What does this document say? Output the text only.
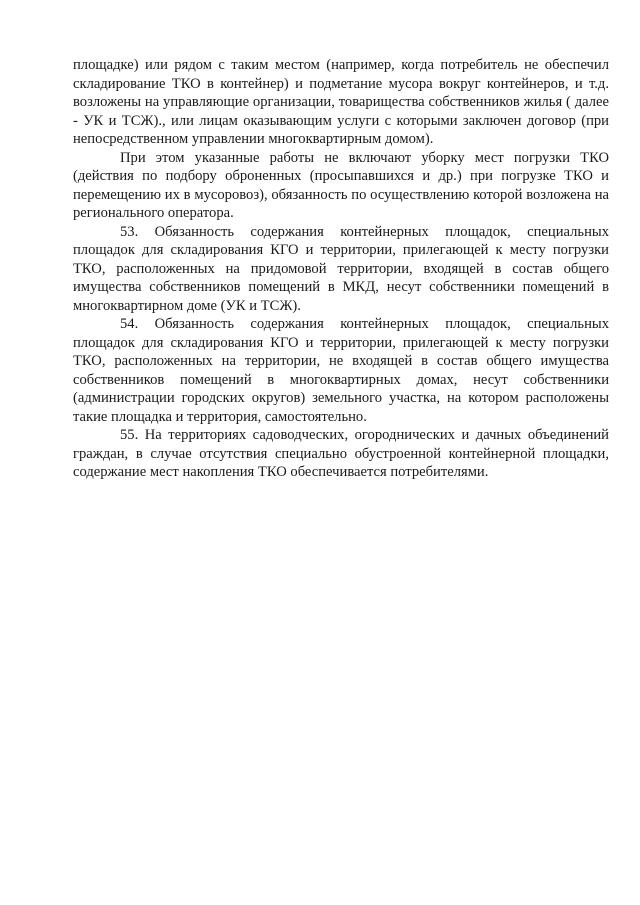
площадке) или рядом с таким местом (например, когда потребитель не обеспечил складирование ТКО в контейнер) и подметание мусора вокруг контейнеров, и т.д. возложены на управляющие организации, товарищества собственников жилья ( далее - УК и ТСЖ)., или лицам оказывающим услуги с которыми заключен договор (при непосредственном управлении многоквартирным домом).

При этом указанные работы не включают уборку мест погрузки ТКО (действия по подбору оброненных (просыпавшихся и др.) при погрузке ТКО и перемещению их в мусоровоз), обязанность по осуществлению которой возложена на регионального оператора.

53. Обязанность содержания контейнерных площадок, специальных площадок для складирования КГО и территории, прилегающей к месту погрузки ТКО, расположенных на придомовой территории, входящей в состав общего имущества собственников помещений в МКД, несут собственники помещений в многоквартирном доме (УК и ТСЖ).

54. Обязанность содержания контейнерных площадок, специальных площадок для складирования КГО и территории, прилегающей к месту погрузки ТКО, расположенных на территории, не входящей в состав общего имущества собственников помещений в многоквартирных домах, несут собственники (администрации городских округов) земельного участка, на котором расположены такие площадка и территория, самостоятельно.

55. На территориях садоводческих, огороднических и дачных объединений граждан, в случае отсутствия специально обустроенной контейнерной площадки, содержание мест накопления ТКО обеспечивается потребителями.
